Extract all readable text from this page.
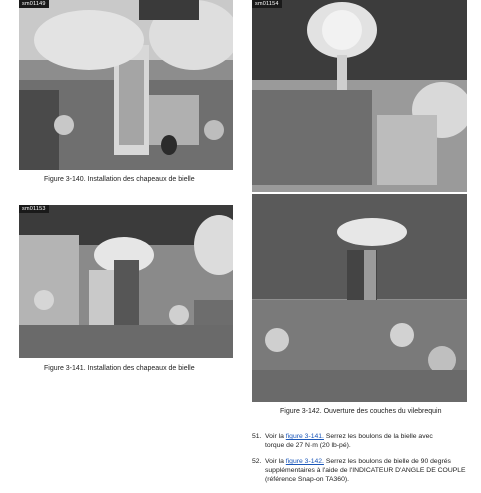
sm01149
Figure 3-140. Installation des chapeaux de bielle
sm01154
Figure 3-142. Ouverture des couches du vilebrequin
sm01153
Figure 3-141. Installation des chapeaux de bielle
51. Voir la figure 3-141. Serrez les boulons de la bielle avec
torque de 27 N·m (20 lb-pé).
52. Voir la figure 3-142. Serrez les boulons de bielle de 90 degrés
supplémentaires à l'aide de l'INDICATEUR D'ANGLE DE COUPLE
(référence Snap-on TA360).
